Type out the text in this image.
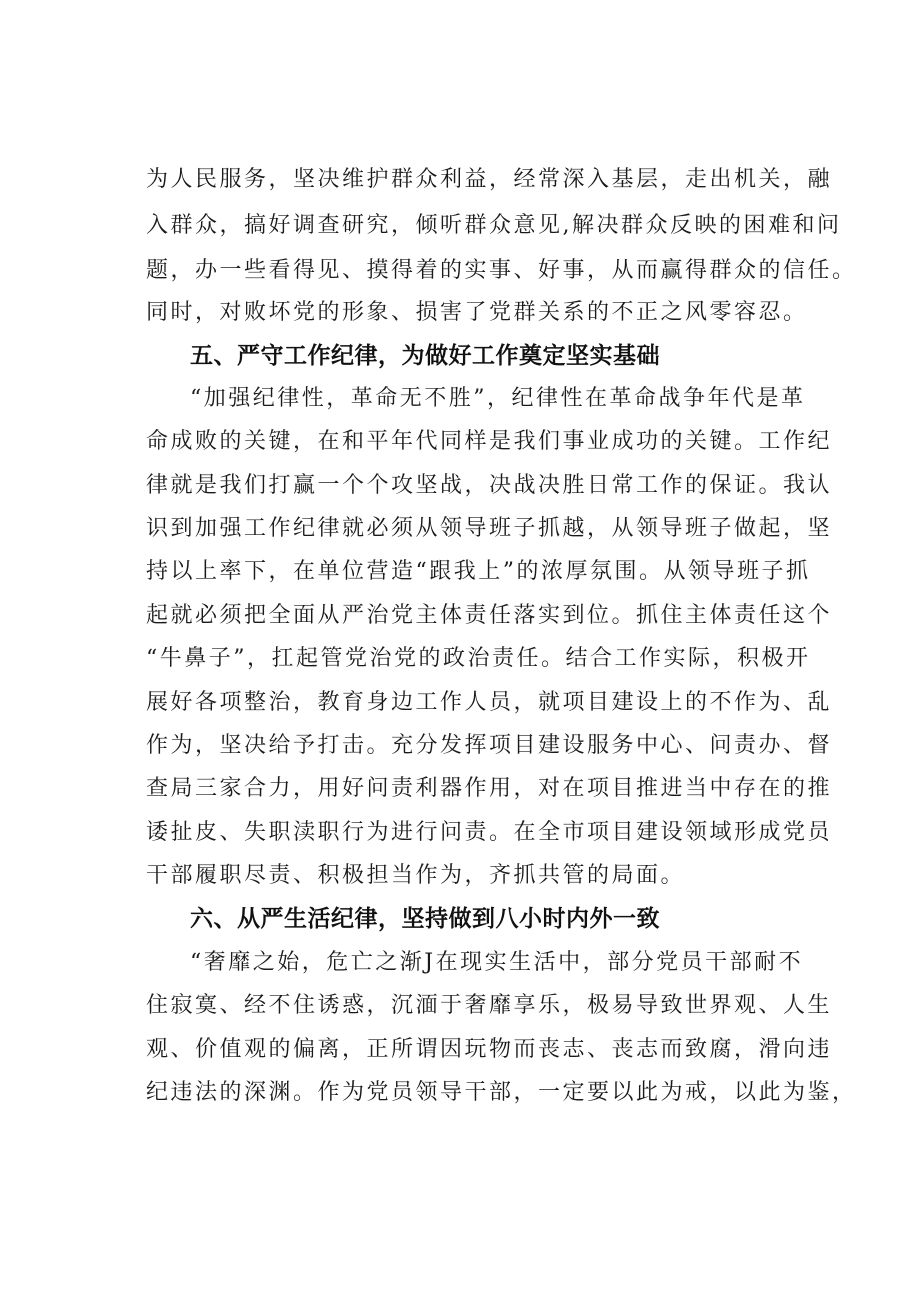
为人民服务，坚决维护群众利益，经常深入基层，走出机关，融
入群众，搞好调查研究，倾听群众意见,解决群众反映的困难和问
题，办一些看得见、摸得着的实事、好事，从而赢得群众的信任。
同时，对败坏党的形象、损害了党群关系的不正之风零容忍。
五、严守工作纪律，为做好工作奠定坚实基础
“加强纪律性，革命无不胜”，纪律性在革命战争年代是革
命成败的关键，在和平年代同样是我们事业成功的关键。工作纪
律就是我们打赢一个个攻坚战，决战决胜日常工作的保证。我认
识到加强工作纪律就必须从领导班子抓越，从领导班子做起，坚
持以上率下，在单位营造“跟我上”的浓厚氛围。从领导班子抓
起就必须把全面从严治党主体责任落实到位。抓住主体责任这个
“牛鼻子”，扛起管党治党的政治责任。结合工作实际，积极开
展好各项整治，教育身边工作人员，就项目建设上的不作为、乱
作为，坚决给予打击。充分发挥项目建设服务中心、问责办、督
查局三家合力，用好问责利器作用，对在项目推进当中存在的推
诿扯皮、失职渎职行为进行问责。在全市项目建设领域形成党员
干部履职尽责、积极担当作为，齐抓共管的局面。
六、从严生活纪律，坚持做到八小时内外一致
“奢靡之始，危亡之渐J在现实生活中，部分党员干部耐不
住寂寞、经不住诱惑，沉湎于奢靡享乐，极易导致世界观、人生
观、价值观的偏离，正所谓因玩物而丧志、丧志而致腐，滑向违
纪违法的深渊。作为党员领导干部，一定要以此为戒，以此为鉴，
